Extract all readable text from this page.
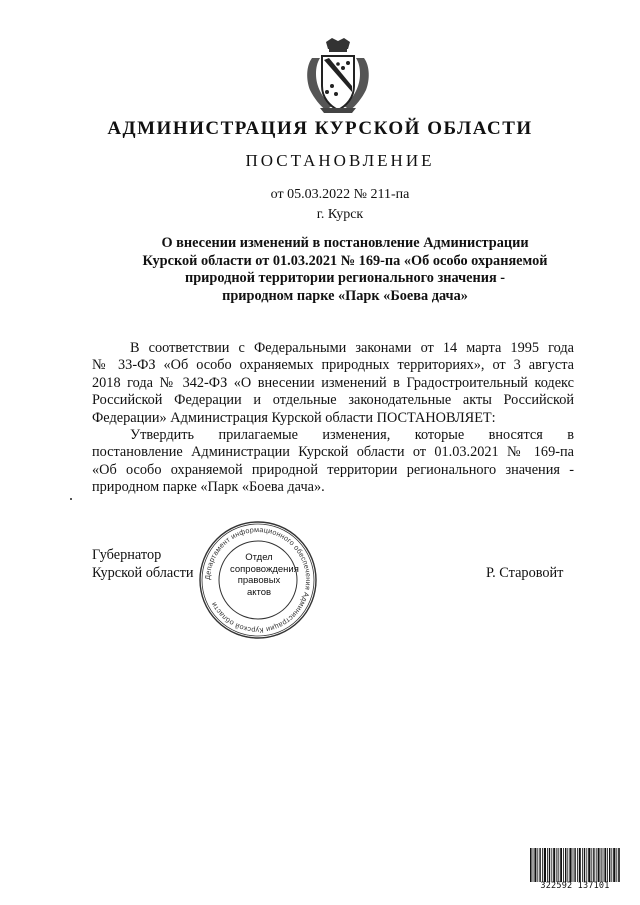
АДМИНИСТРАЦИЯ КУРСКОЙ ОБЛАСТИ
ПОСТАНОВЛЕНИЕ
от 05.03.2022 № 211-па
г. Курск
О внесении изменений в постановление Администрации
Курской области от 01.03.2021 № 169-па «Об особо охраняемой
природной территории регионального значения -
природном парке «Парк «Боева дача»

В соответствии с Федеральными законами от 14 марта 1995 года
№ 33-ФЗ «Об особо охраняемых природных территориях», от 3 августа
2018 года № 342-ФЗ «О внесении изменений в Градостроительный кодекс
Российской Федерации и отдельные законодательные акты Российской
Федерации» Администрация Курской области ПОСТАНОВЛЯЕТ:

Утвердить прилагаемые изменения, которые вносятся в
постановление Администрации Курской области от 01.03.2021 № 169-па
«Об особо охраняемой природной территории регионального значения -
природном парке «Парк «Боева дача».

Губернатор
Курской области Департамент информационного обеспечения Администрации Курской области
Отдел
сопровождения
правовых
актов
Р. Старовойт
322592 137101
